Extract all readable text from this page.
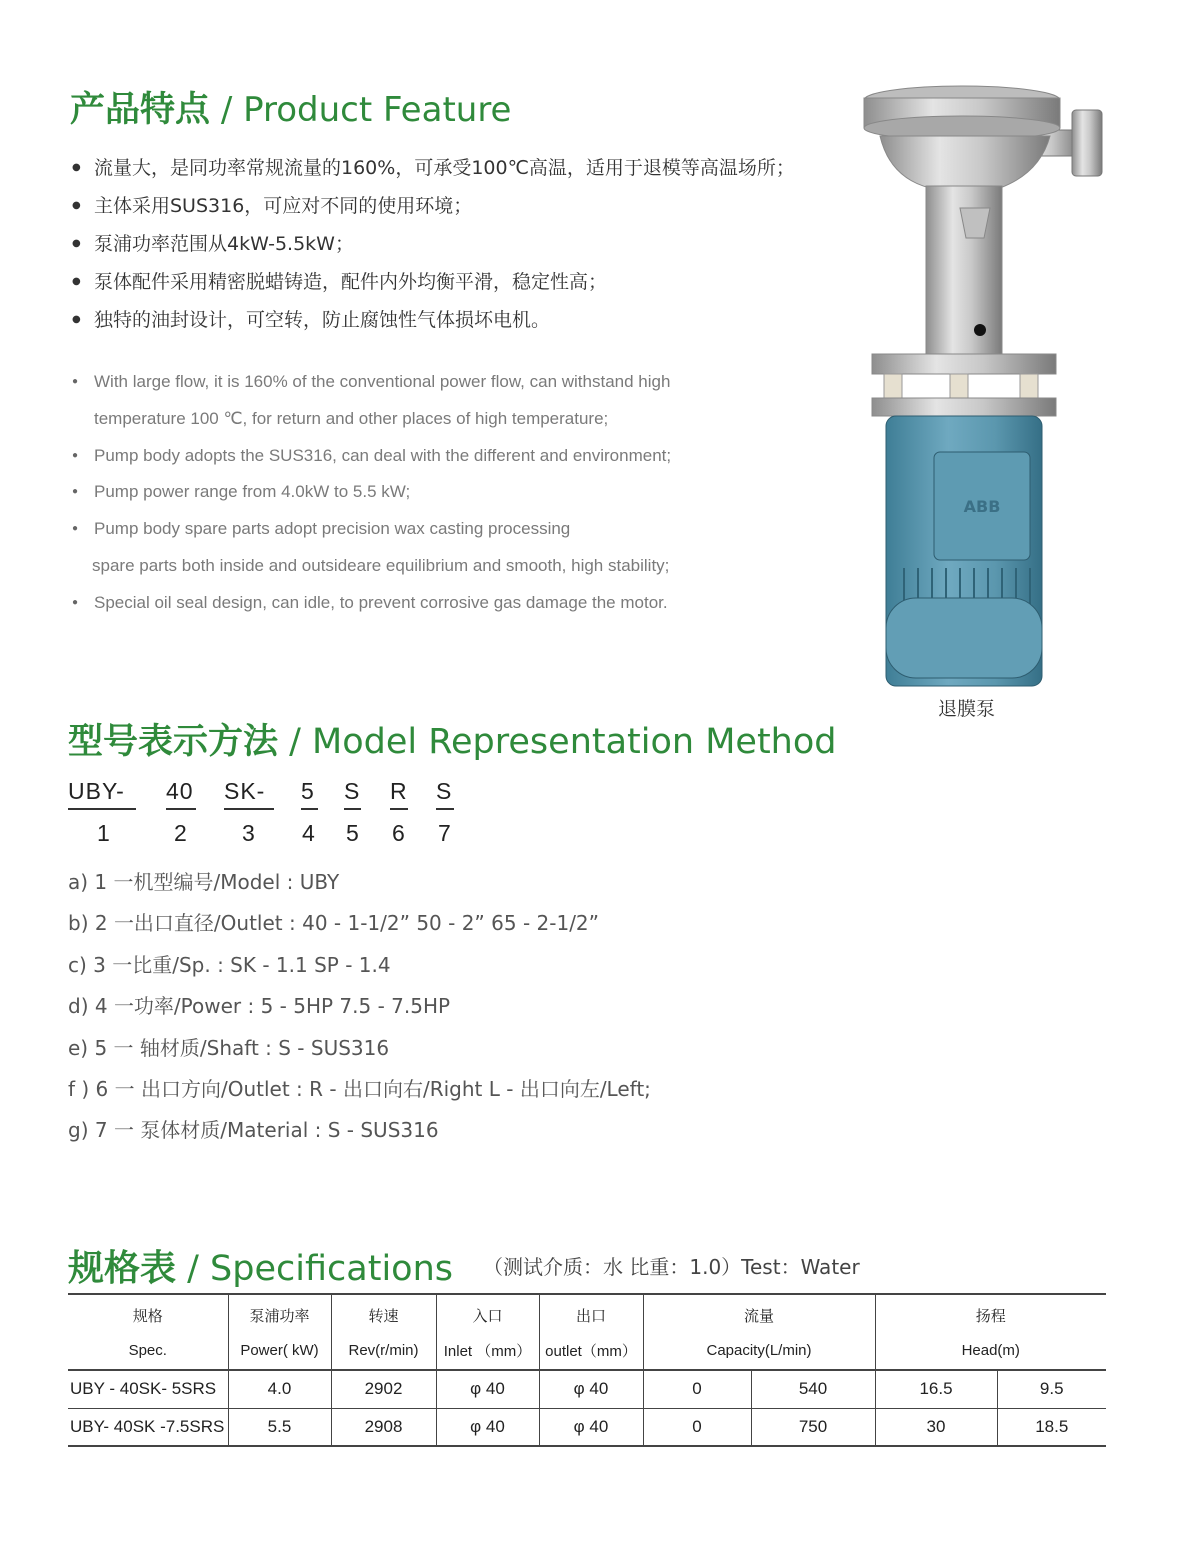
产品特点 / Product Feature
● 流量大，是同功率常规流量的160%，可承受100℃高温，适用于退模等高温场所；
● 主体采用SUS316，可应对不同的使用环境；
● 泵浦功率范围从4kW-5.5kW；
● 泵体配件采用精密脱蜡铸造，配件内外均衡平滑，稳定性高；
● 独特的油封设计，可空转，防止腐蚀性气体损坏电机。
● With large flow, it is 160% of the conventional power flow, can withstand high
temperature 100 ℃, for return and other places of high temperature;
● Pump body adopts the SUS316, can deal with the different and environment;
● Pump power range from 4.0kW to 5.5 kW;
● Pump body spare parts adopt precision wax casting processing
spare parts both inside and outsideare equilibrium and smooth, high stability;
● Special oil seal design, can idle, to prevent corrosive gas damage the motor.
ABB
退膜泵
型号表示方法 / Model Representation Method
UBY- 40 SK- 5 S R S
1	2 3 4 5 6 7
a) 1 一机型编号/Model : UBY
b) 2 一出口直径/Outlet : 40 - 1-1/2” 50 - 2” 65 - 2-1/2”
c) 3 一比重/Sp. : SK - 1.1 SP - 1.4
d) 4 一功率/Power : 5 - 5HP 7.5 - 7.5HP
e) 5 一 轴材质/Shaft : S - SUS316
f ) 6 一 出口方向/Outlet : R - 出口向右/Right L - 出口向左/Left;
g) 7 一 泵体材质/Material : S - SUS316
规格表 / Specifications （测试介质：水 比重：1.0）Test：Water
规格	泵浦功率	转速	入口	出口	流量		扬程	
Spec.	Power( kW)	Rev(r/min)	Inlet （mm）	outlet（mm）	Capacity(L/min)		Head(m)	
UBY - 40SK- 5SRS	4.0	2902	φ 40	φ 40	0	540	16.5	9.5
UBY- 40SK -7.5SRS	5.5	2908	φ 40	φ 40	0	750	30	18.5
